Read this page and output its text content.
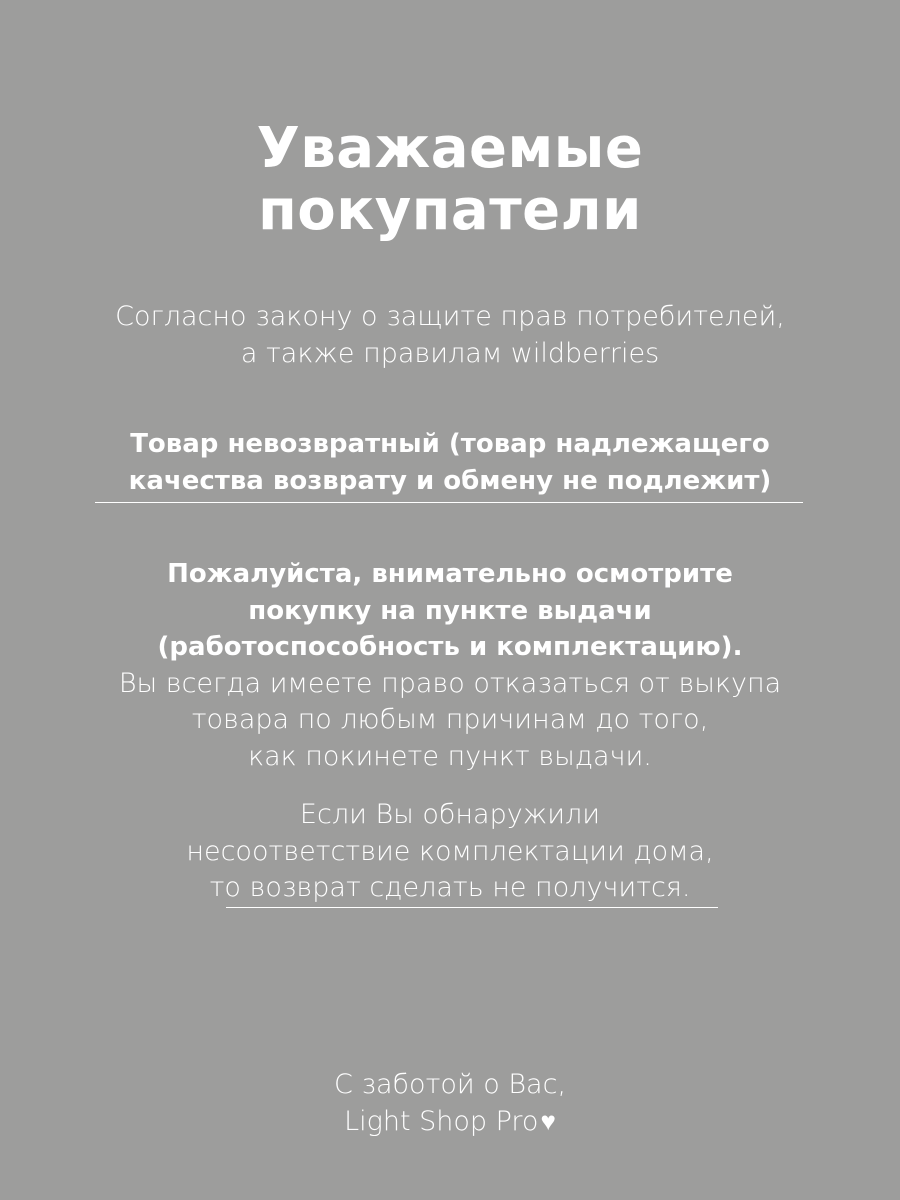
Уважаемые
покупатели

Согласно закону о защите прав потребителей,
а также правилам wildberries

Товар невозвратный (товар надлежащего
качества возврату и обмену не подлежит)

Пожалуйста, внимательно осмотрите
покупку на пункте выдачи
(работоспособность и комплектацию).
Вы всегда имеете право отказаться от выкупа
товара по любым причинам до того,
как покинете пункт выдачи.

Если Вы обнаружили
несоответствие комплектации дома,
то возврат сделать не получится.

С заботой о Вас,
Light Shop Pro♥
